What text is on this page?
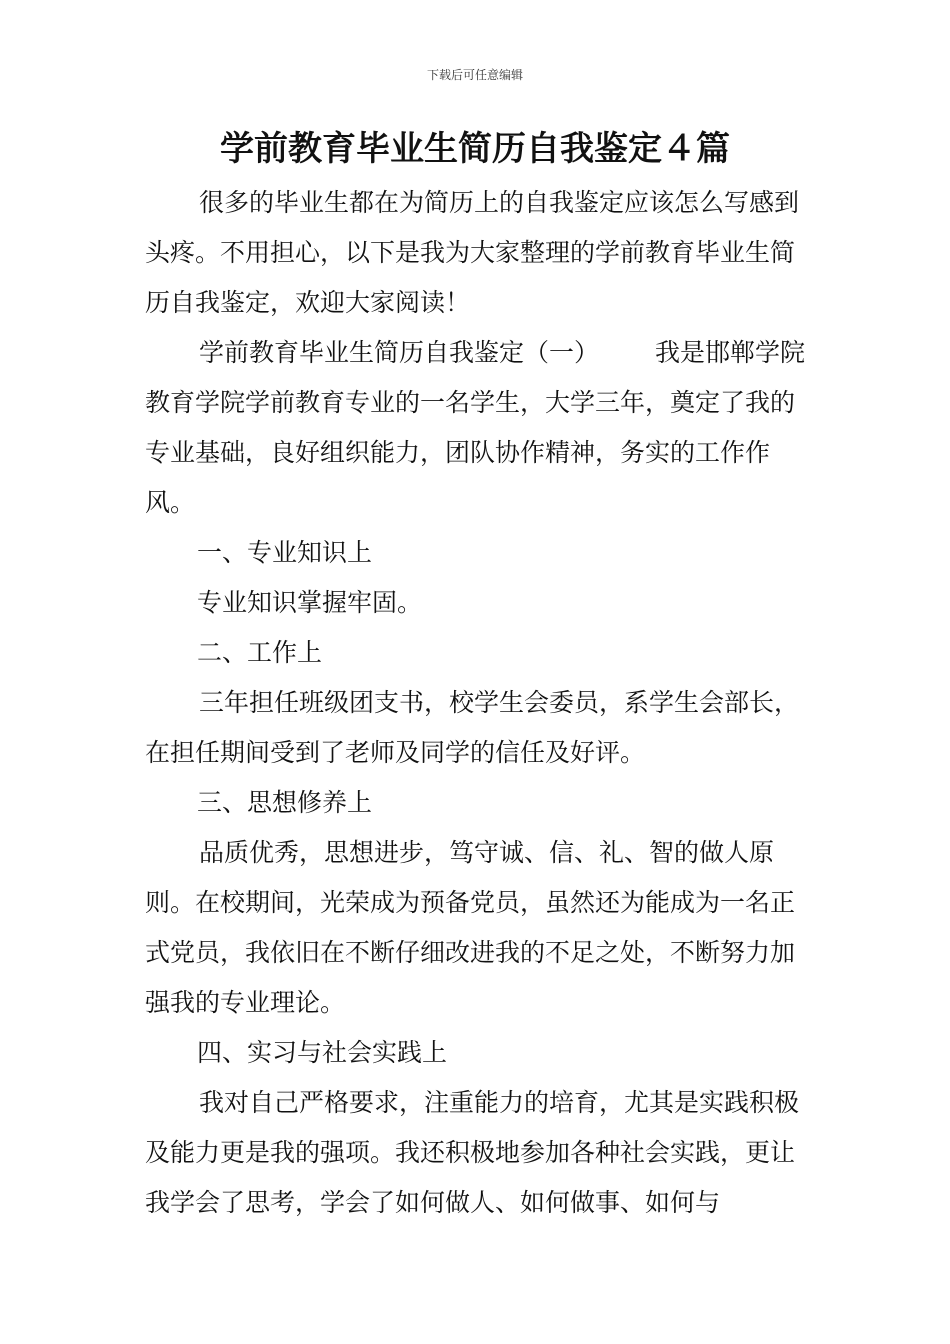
下载后可任意编辑
学前教育毕业生简历自我鉴定４篇

很多的毕业生都在为简历上的自我鉴定应该怎么写感到头疼。不用担心，以下是我为大家整理的学前教育毕业生简历自我鉴定，欢迎大家阅读！

学前教育毕业生简历自我鉴定（一） 我是邯郸学院教育学院学前教育专业的一名学生，大学三年，奠定了我的专业基础，良好组织能力，团队协作精神，务实的工作作风。

一、专业知识上

专业知识掌握牢固。

二、工作上

三年担任班级团支书，校学生会委员，系学生会部长，在担任期间受到了老师及同学的信任及好评。

三、思想修养上

品质优秀，思想进步，笃守诚、信、礼、智的做人原则。在校期间，光荣成为预备党员，虽然还为能成为一名正式党员，我依旧在不断仔细改进我的不足之处，不断努力加强我的专业理论。

四、实习与社会实践上

我对自己严格要求，注重能力的培育，尤其是实践积极及能力更是我的强项。我还积极地参加各种社会实践，更让我学会了思考，学会了如何做人、如何做事、如何与
